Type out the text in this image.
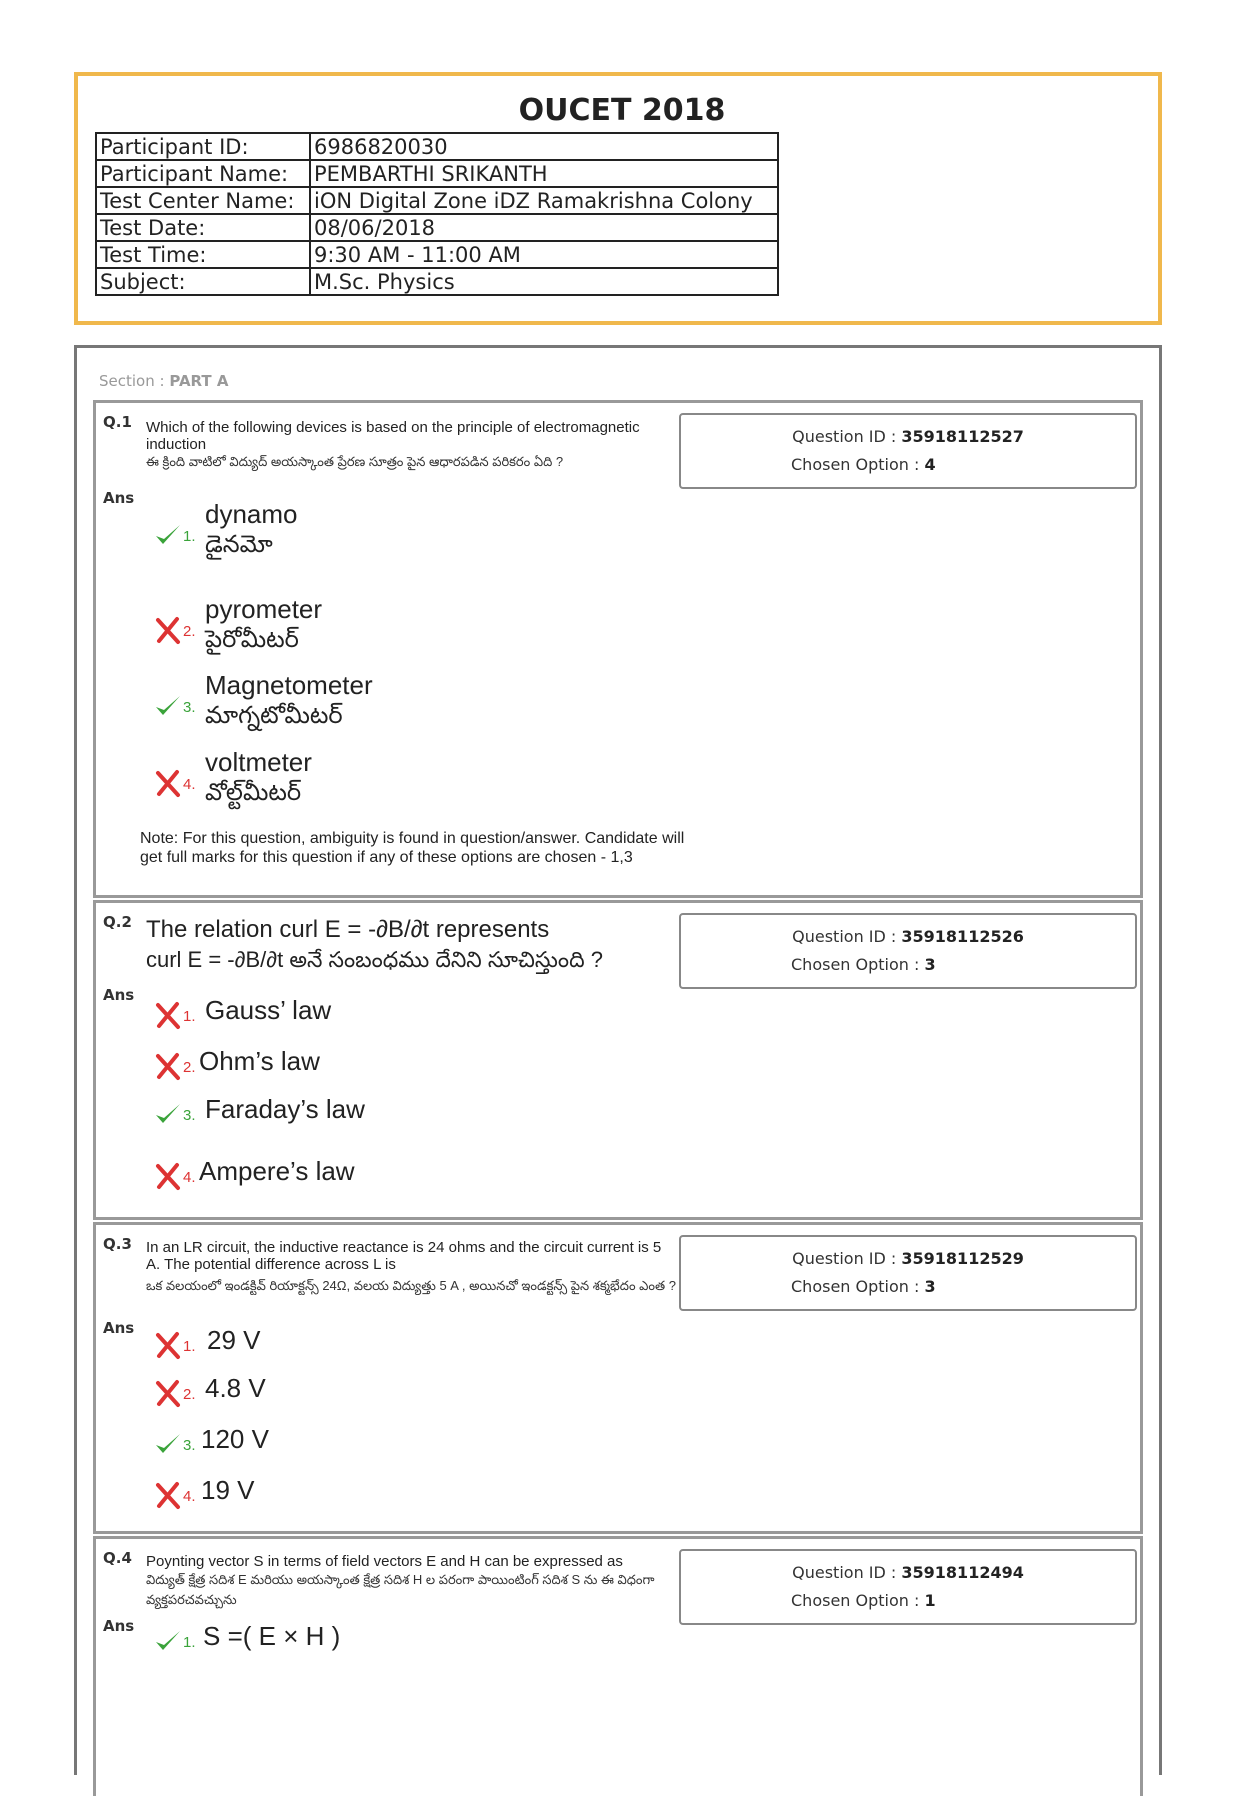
OUCET 2018
Participant ID:	6986820030
Participant Name:	PEMBARTHI SRIKANTH
Test Center Name:	iON Digital Zone iDZ Ramakrishna Colony
Test Date:	08/06/2018
Test Time:	9:30 AM - 11:00 AM
Subject:	M.Sc. Physics
Section : PART A
Q.1 Which of the following devices is based on the principle of electromagnetic induction
ఈ క్రింది వాటిలో విద్యుద్ అయస్కాంత ప్రేరణ సూత్రం పైన ఆధారపడిన పరికరం ఏది ?
Question ID : 35918112527
Chosen Option : 4
Ans
1.
dynamo
డైనమో
2.
pyrometer
పైరోమీటర్
3.
Magnetometer
మాగ్నటోమీటర్
4.
voltmeter
వోల్ట్‌మీటర్
Note: For this question, ambiguity is found in question/answer. Candidate will get full marks for this question if any of these options are chosen - 1,3
Q.2 The relation curl E = -∂B/∂t represents
curl E = -∂B/∂t అనే సంబంధము దేనిని సూచిస్తుంది ?
Question ID : 35918112526
Chosen Option : 3
Ans
1. Gauss’ law
2. Ohm’s law
3. Faraday’s law
4. Ampere’s law
Q.3 In an LR circuit, the inductive reactance is 24 ohms and the circuit current is 5 A. The potential difference across L is
ఒక వలయంలో ఇండక్టివ్ రియాక్టన్స్ 24Ω, వలయ విద్యుత్తు 5 A , అయినచో ఇండక్టన్స్ పైన శక్మభేదం ఎంత ?
Question ID : 35918112529
Chosen Option : 3
Ans
1. 29 V
2. 4.8 V
3. 120 V
4. 19 V
Q.4 Poynting vector S in terms of field vectors E and H can be expressed as
విద్యుత్ క్షేత్ర సదిశ E మరియు అయస్కాంత క్షేత్ర సదిశ H ల పరంగా పాయింటింగ్ సదిశ S ను ఈ విధంగా వ్యక్తపరచవచ్చును
Question ID : 35918112494
Chosen Option : 1
Ans
1. S =( E × H )
